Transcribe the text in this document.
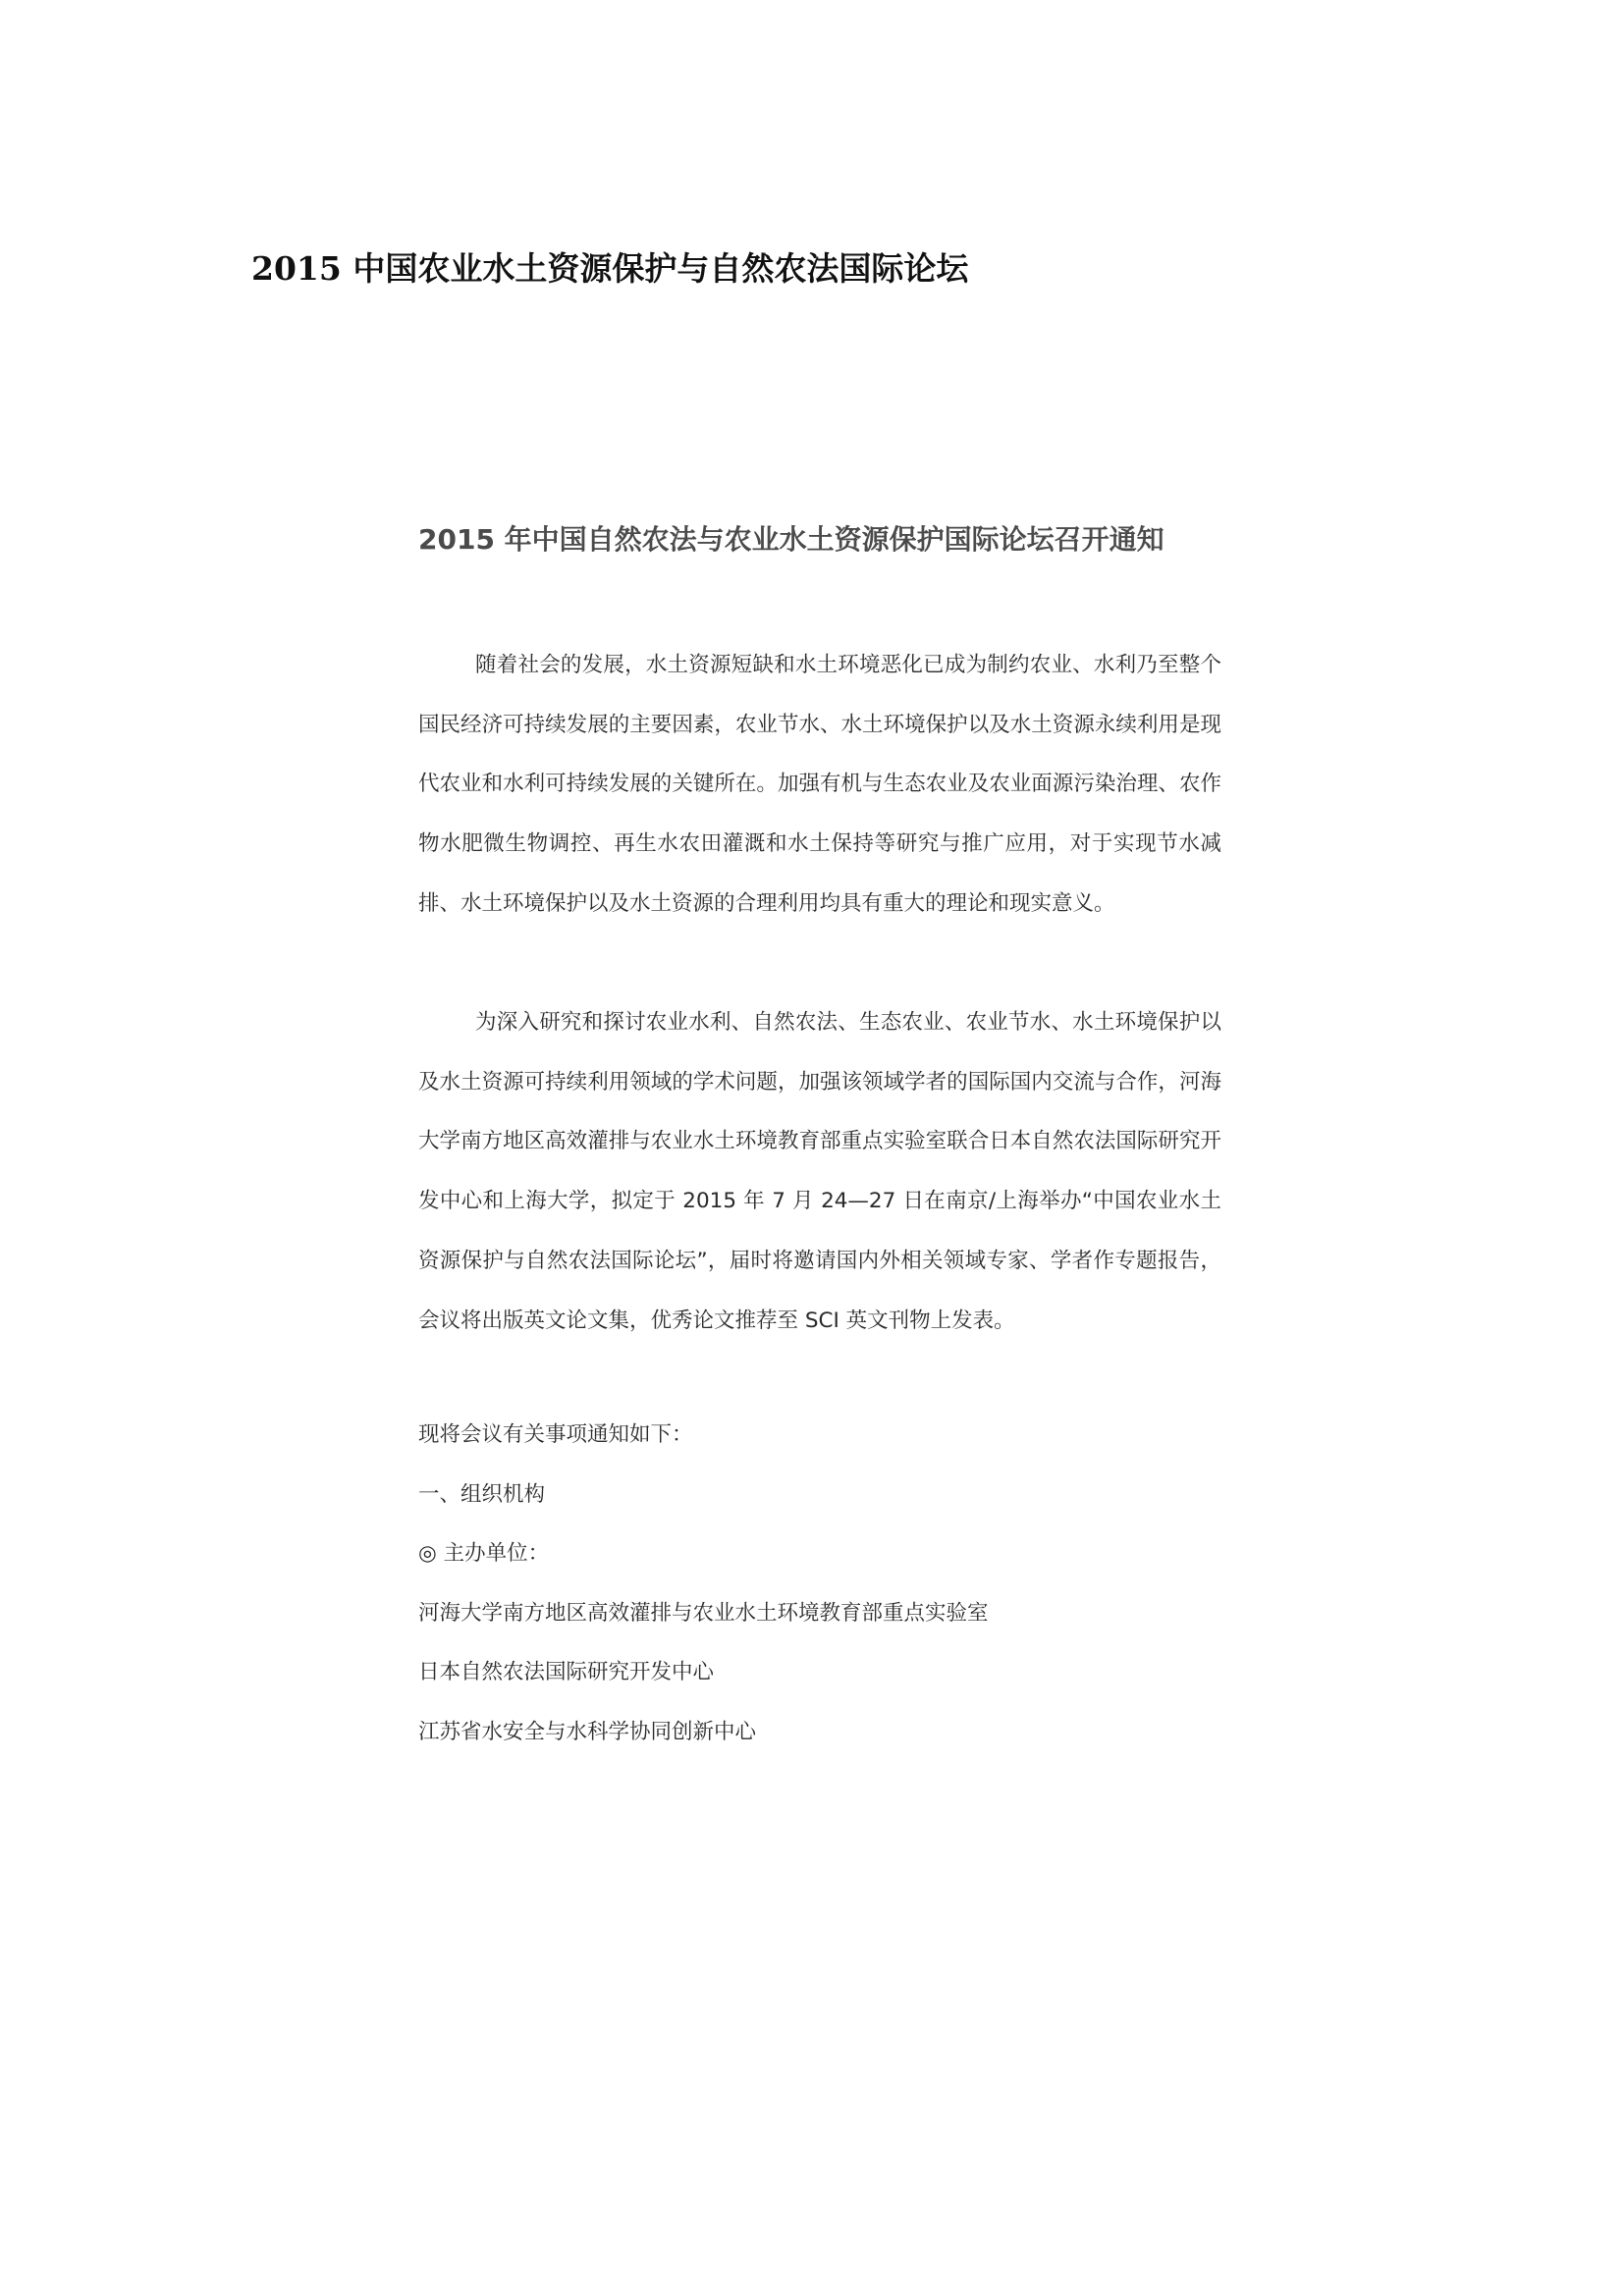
2015 中国农业水土资源保护与自然农法国际论坛
2015 年中国自然农法与农业水土资源保护国际论坛召开通知

随着社会的发展，水土资源短缺和水土环境恶化已成为制约农业、水利乃至整个国民经济可持续发展的主要因素，农业节水、水土环境保护以及水土资源永续利用是现代农业和水利可持续发展的关键所在。加强有机与生态农业及农业面源污染治理、农作物水肥微生物调控、再生水农田灌溉和水土保持等研究与推广应用，对于实现节水减排、水土环境保护以及水土资源的合理利用均具有重大的理论和现实意义。

为深入研究和探讨农业水利、自然农法、生态农业、农业节水、水土环境保护以及水土资源可持续利用领域的学术问题，加强该领域学者的国际国内交流与合作，河海大学南方地区高效灌排与农业水土环境教育部重点实验室联合日本自然农法国际研究开发中心和上海大学，拟定于 2015 年 7 月 24—27 日在南京/上海举办“中国农业水土资源保护与自然农法国际论坛”，届时将邀请国内外相关领域专家、学者作专题报告，会议将出版英文论文集，优秀论文推荐至 SCI 英文刊物上发表。

现将会议有关事项通知如下：
一、组织机构
◎ 主办单位：
河海大学南方地区高效灌排与农业水土环境教育部重点实验室
日本自然农法国际研究开发中心
江苏省水安全与水科学协同创新中心
